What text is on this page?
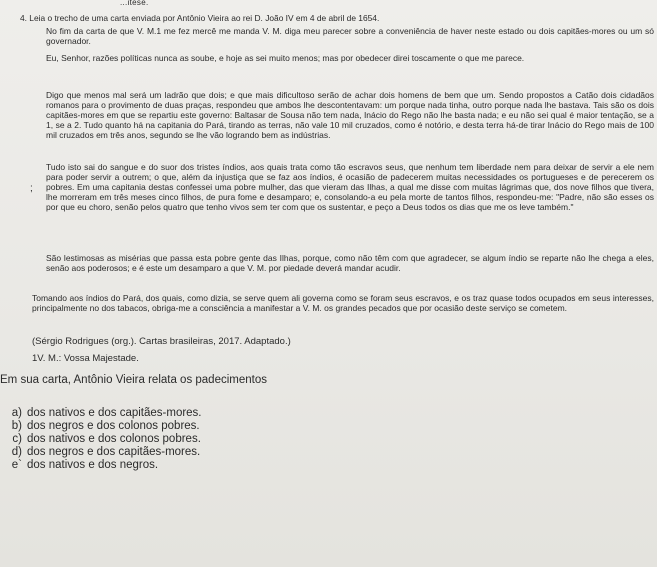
...itese.
4. Leia o trecho de uma carta enviada por Antônio Vieira ao rei D. João IV em 4 de abril de 1654.

No fim da carta de que V. M.1 me fez mercê me manda V. M. diga meu parecer sobre a conveniência de haver neste estado ou dois capitães-mores ou um só governador.

Eu, Senhor, razões políticas nunca as soube, e hoje as sei muito menos; mas por obedecer direi toscamente o que me parece.

Digo que menos mal será um ladrão que dois; e que mais dificultoso serão de achar dois homens de bem que um. Sendo propostos a Catão dois cidadãos romanos para o provimento de duas praças, respondeu que ambos lhe descontentavam: um porque nada tinha, outro porque nada lhe bastava. Tais são os dois capitães-mores em que se repartiu este governo: Baltasar de Sousa não tem nada, Inácio do Rego não lhe basta nada; e eu não sei qual é maior tentação, se a 1, se a 2. Tudo quanto há na capitania do Pará, tirando as terras, não vale 10 mil cruzados, como é notório, e desta terra há-de tirar Inácio do Rego mais de 100 mil cruzados em três anos, segundo se lhe vão logrando bem as indústrias.

;

Tudo isto sai do sangue e do suor dos tristes índios, aos quais trata como tão escravos seus, que nenhum tem liberdade nem para deixar de servir a ele nem para poder servir a outrem; o que, além da injustiça que se faz aos índios, é ocasião de padecerem muitas necessidades os portugueses e de perecerem os pobres. Em uma capitania destas confessei uma pobre mulher, das que vieram das Ilhas, a qual me disse com muitas lágrimas que, dos nove filhos que tivera, lhe morreram em três meses cinco filhos, de pura fome e desamparo; e, consolando-a eu pela morte de tantos filhos, respondeu-me: "Padre, não são esses os por que eu choro, senão pelos quatro que tenho vivos sem ter com que os sustentar, e peço a Deus todos os dias que me os leve também."

São lestimosas as misérias que passa esta pobre gente das Ilhas, porque, como não têm com que agradecer, se algum índio se reparte não lhe chega a eles, senão aos poderosos; e é este um desamparo a que V. M. por piedade deverá mandar acudir.

Tomando aos índios do Pará, dos quais, como dizia, se serve quem ali governa como se foram seus escravos, e os traz quase todos ocupados em seus interesses, principalmente no dos tabacos, obriga-me a consciência a manifestar a V. M. os grandes pecados que por ocasião deste serviço se cometem.

(Sérgio Rodrigues (org.). Cartas brasileiras, 2017. Adaptado.)
1V. M.: Vossa Majestade.
Em sua carta, Antônio Vieira relata os padecimentos
a) dos nativos e dos capitães-mores.
b) dos negros e dos colonos pobres.
c) dos nativos e dos colonos pobres.
d) dos negros e dos capitães-mores.
e` dos nativos e dos negros.
